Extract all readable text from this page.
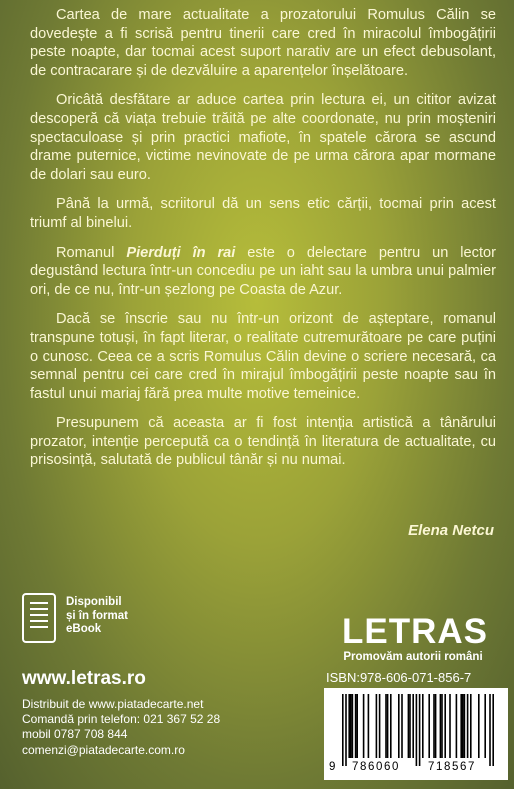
Cartea de mare actualitate a prozatorului Romulus Călin se dovedește a fi scrisă pentru tinerii care cred în miracolul îmbogățirii peste noapte, dar tocmai acest suport narativ are un efect debusolant, de contracarare și de dezvăluire a aparențelor înșelătoare.

Oricâtă desfătare ar aduce cartea prin lectura ei, un cititor avizat descoperă că viața trebuie trăită pe alte coordonate, nu prin moșteniri spectaculoase și prin practici mafiote, în spatele cărora se ascund drame puternice, victime nevinovate de pe urma cărora apar mormane de dolari sau euro.

Până la urmă, scriitorul dă un sens etic cărții, tocmai prin acest triumf al binelui.

Romanul Pierduți în rai este o delectare pentru un lector degustând lectura într-un concediu pe un iaht sau la umbra unui palmier ori, de ce nu, într-un șezlong pe Coasta de Azur.

Dacă se înscrie sau nu într-un orizont de așteptare, romanul transpune totuși, în fapt literar, o realitate cutremurătoare pe care puțini o cunosc. Ceea ce a scris Romulus Călin devine o scriere necesară, ca semnal pentru cei care cred în mirajul îmbogățirii peste noapte sau în fastul unui mariaj fără prea multe motive temeinice.

Presupunem că aceasta ar fi fost intenția artistică a tânărului prozator, intenție percepută ca o tendință în literatura de actualitate, cu prisosință, salutată de publicul tânăr și nu numai.

Elena Netcu
Disponibil
și în format
eBook
www.letras.ro
Distribuit de www.piatadecarte.net
Comandă prin telefon: 021 367 52 28
mobil 0787 708 844
comenzi@piatadecarte.com.ro
LETRAS
Promovăm autorii români
ISBN:978-606-071-856-7
9 786060 718567
